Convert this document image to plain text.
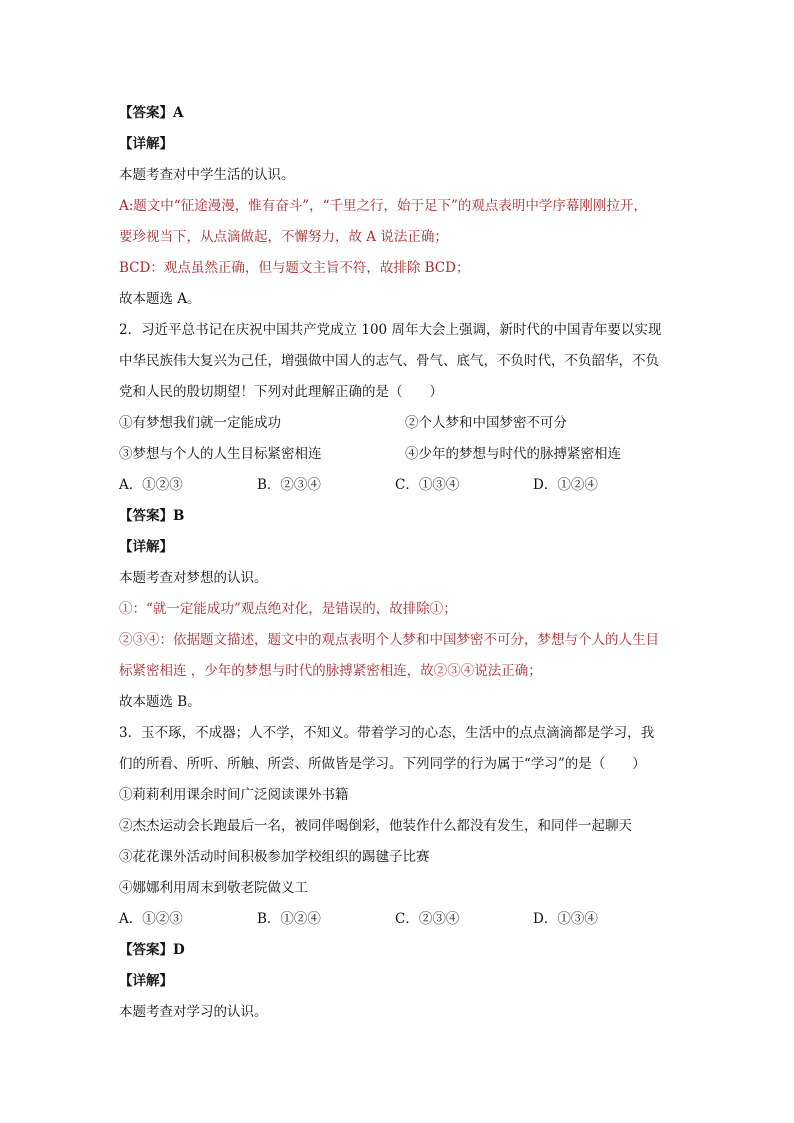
【答案】A
【详解】
本题考查对中学生活的认识。
A:题文中“征途漫漫，惟有奋斗”，“千里之行，始于足下”的观点表明中学序幕刚刚拉开，
要珍视当下，从点滴做起，不懈努力，故 A 说法正确；
BCD：观点虽然正确，但与题文主旨不符，故排除 BCD；
故本题选 A。
2．习近平总书记在庆祝中国共产党成立 100 周年大会上强调，新时代的中国青年要以实现
中华民族伟大复兴为己任，增强做中国人的志气、骨气、底气，不负时代，不负韶华，不负
党和人民的殷切期望！下列对此理解正确的是（　　）
①有梦想我们就一定能成功	②个人梦和中国梦密不可分
③梦想与个人的人生目标紧密相连	④少年的梦想与时代的脉搏紧密相连
A．①②③	B．②③④	C．①③④	D．①②④
【答案】B
【详解】
本题考查对梦想的认识。
①：“就一定能成功”观点绝对化，是错误的，故排除①；
②③④：依据题文描述，题文中的观点表明个人梦和中国梦密不可分，梦想与个人的人生目
标紧密相连 ，少年的梦想与时代的脉搏紧密相连，故②③④说法正确；
故本题选 B。
3．玉不琢，不成器；人不学，不知义。带着学习的心态，生活中的点点滴滴都是学习，我
们的所看、所听、所触、所尝、所做皆是学习。下列同学的行为属于“学习”的是（　　）
①莉莉利用课余时间广泛阅读课外书籍
②杰杰运动会长跑最后一名，被同伴喝倒彩，他装作什么都没有发生，和同伴一起聊天
③花花课外活动时间积极参加学校组织的踢毽子比赛
④娜娜利用周末到敬老院做义工
A．①②③	B．①②④	C．②③④	D．①③④
【答案】D
【详解】
本题考查对学习的认识。
